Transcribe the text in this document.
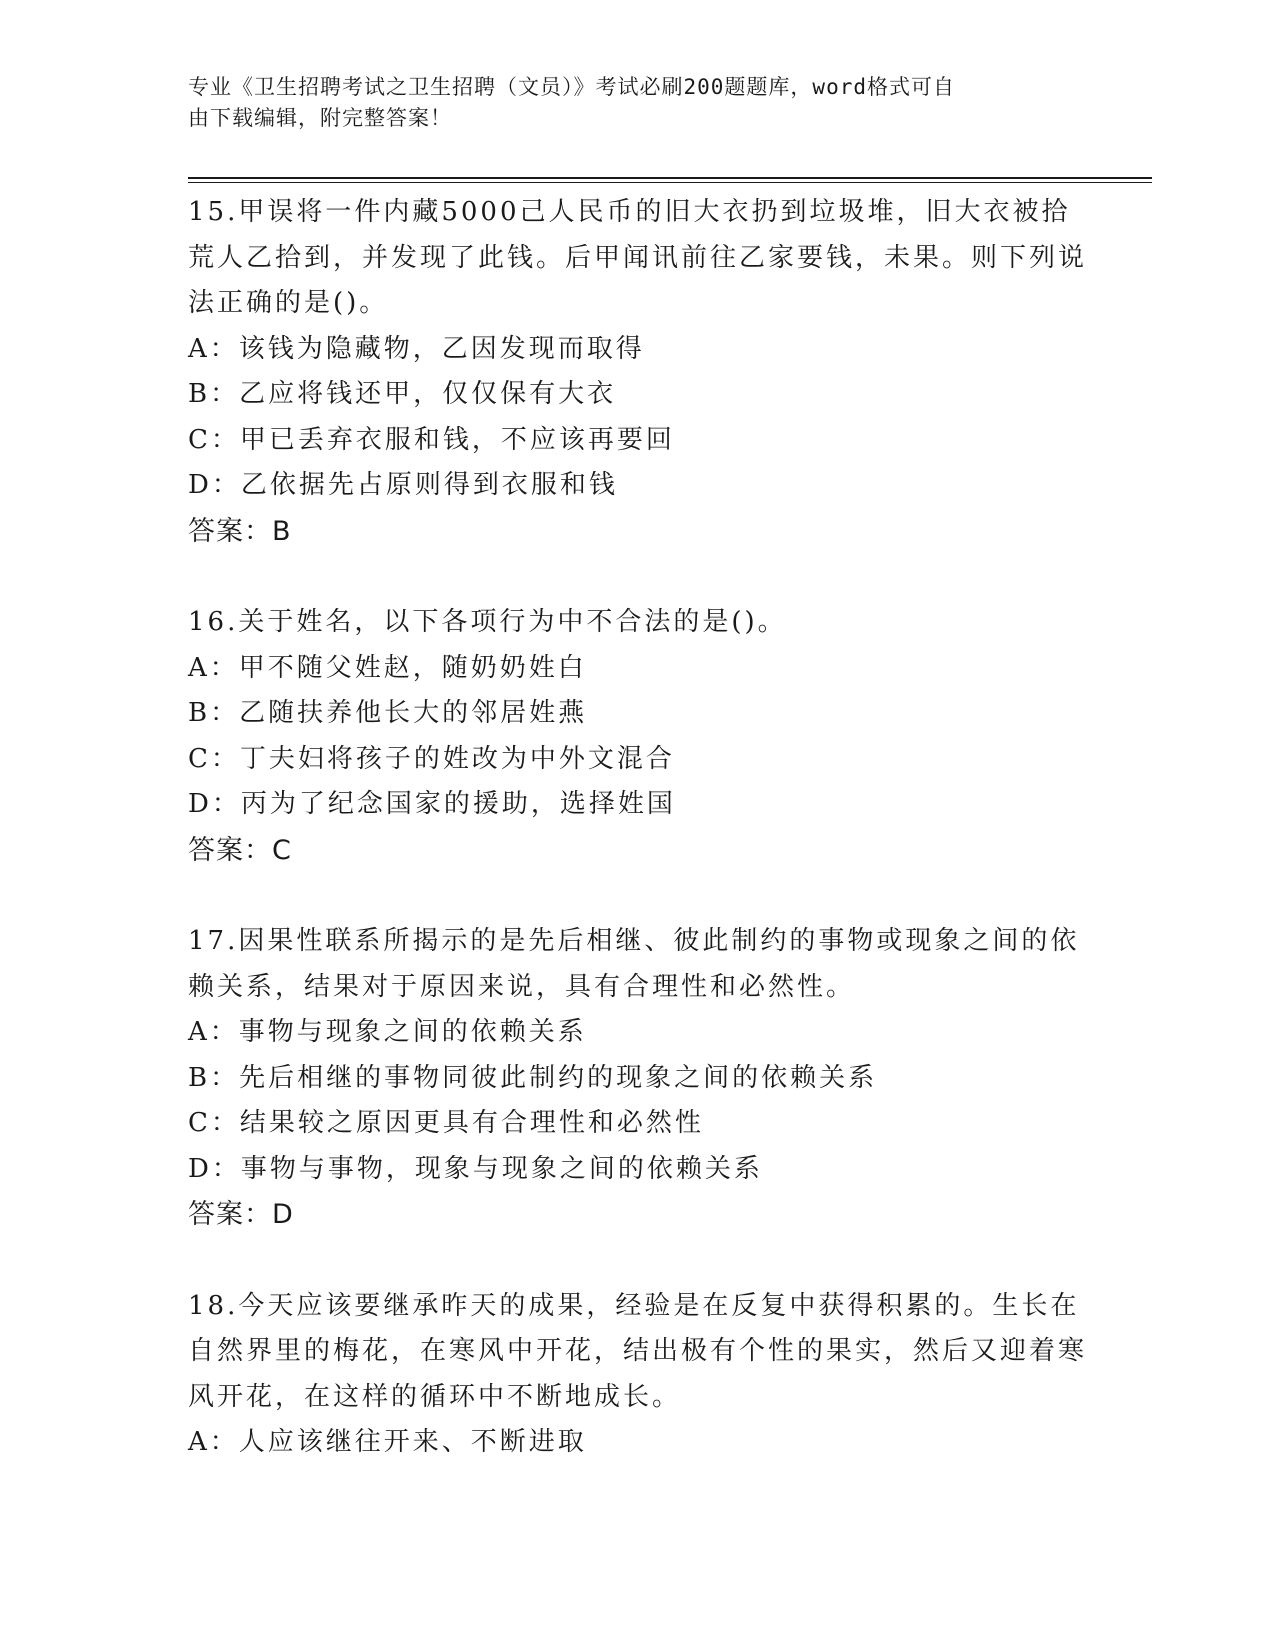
专业《卫生招聘考试之卫生招聘（文员）》考试必刷200题题库，word格式可自
由下载编辑，附完整答案！

15.甲误将一件内藏5000己人民币的旧大衣扔到垃圾堆，旧大衣被拾荒人乙拾到，并发现了此钱。后甲闻讯前往乙家要钱，未果。则下列说法正确的是()。

A：该钱为隐藏物，乙因发现而取得

B：乙应将钱还甲，仅仅保有大衣

C：甲已丢弃衣服和钱，不应该再要回

D：乙依据先占原则得到衣服和钱

答案：B

16.关于姓名，以下各项行为中不合法的是()。

A：甲不随父姓赵，随奶奶姓白

B：乙随扶养他长大的邻居姓燕

C：丁夫妇将孩子的姓改为中外文混合

D：丙为了纪念国家的援助，选择姓国

答案：C

17.因果性联系所揭示的是先后相继、彼此制约的事物或现象之间的依赖关系，结果对于原因来说，具有合理性和必然性。

A：事物与现象之间的依赖关系

B：先后相继的事物同彼此制约的现象之间的依赖关系

C：结果较之原因更具有合理性和必然性

D：事物与事物，现象与现象之间的依赖关系

答案：D

18.今天应该要继承昨天的成果，经验是在反复中获得积累的。生长在自然界里的梅花，在寒风中开花，结出极有个性的果实，然后又迎着寒风开花，在这样的循环中不断地成长。

A：人应该继往开来、不断进取
